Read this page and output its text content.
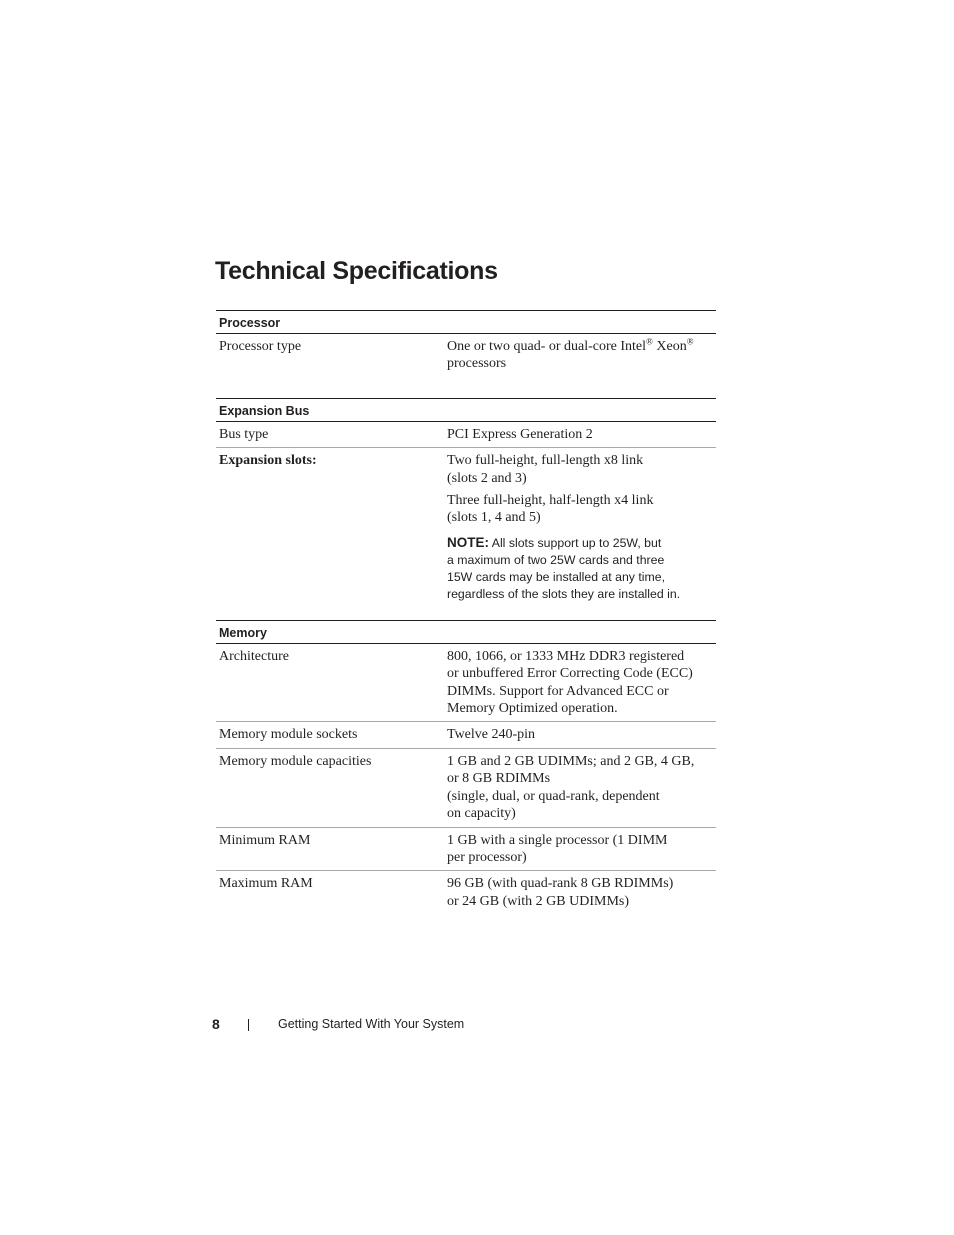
Technical Specifications
Processor
Processor type	One or two quad- or dual-core Intel® Xeon®
processors
Expansion Bus
Bus type	PCI Express Generation 2
Expansion slots:	Two full-height, full-length x8 link
(slots 2 and 3)
Three full-height, half-length x4 link
(slots 1, 4 and 5)
NOTE: All slots support up to 25W, but
a maximum of two 25W cards and three
15W cards may be installed at any time,
regardless of the slots they are installed in.
Memory
Architecture	800, 1066, or 1333 MHz DDR3 registered
or unbuffered Error Correcting Code (ECC)
DIMMs. Support for Advanced ECC or
Memory Optimized operation.
Memory module sockets	Twelve 240-pin
Memory module capacities	1 GB and 2 GB UDIMMs; and 2 GB, 4 GB,
or 8 GB RDIMMs
(single, dual, or quad-rank, dependent
on capacity)
Minimum RAM	1 GB with a single processor (1 DIMM
per processor)
Maximum RAM	96 GB (with quad-rank 8 GB RDIMMs)
or 24 GB (with 2 GB UDIMMs)
8	Getting Started With Your System
